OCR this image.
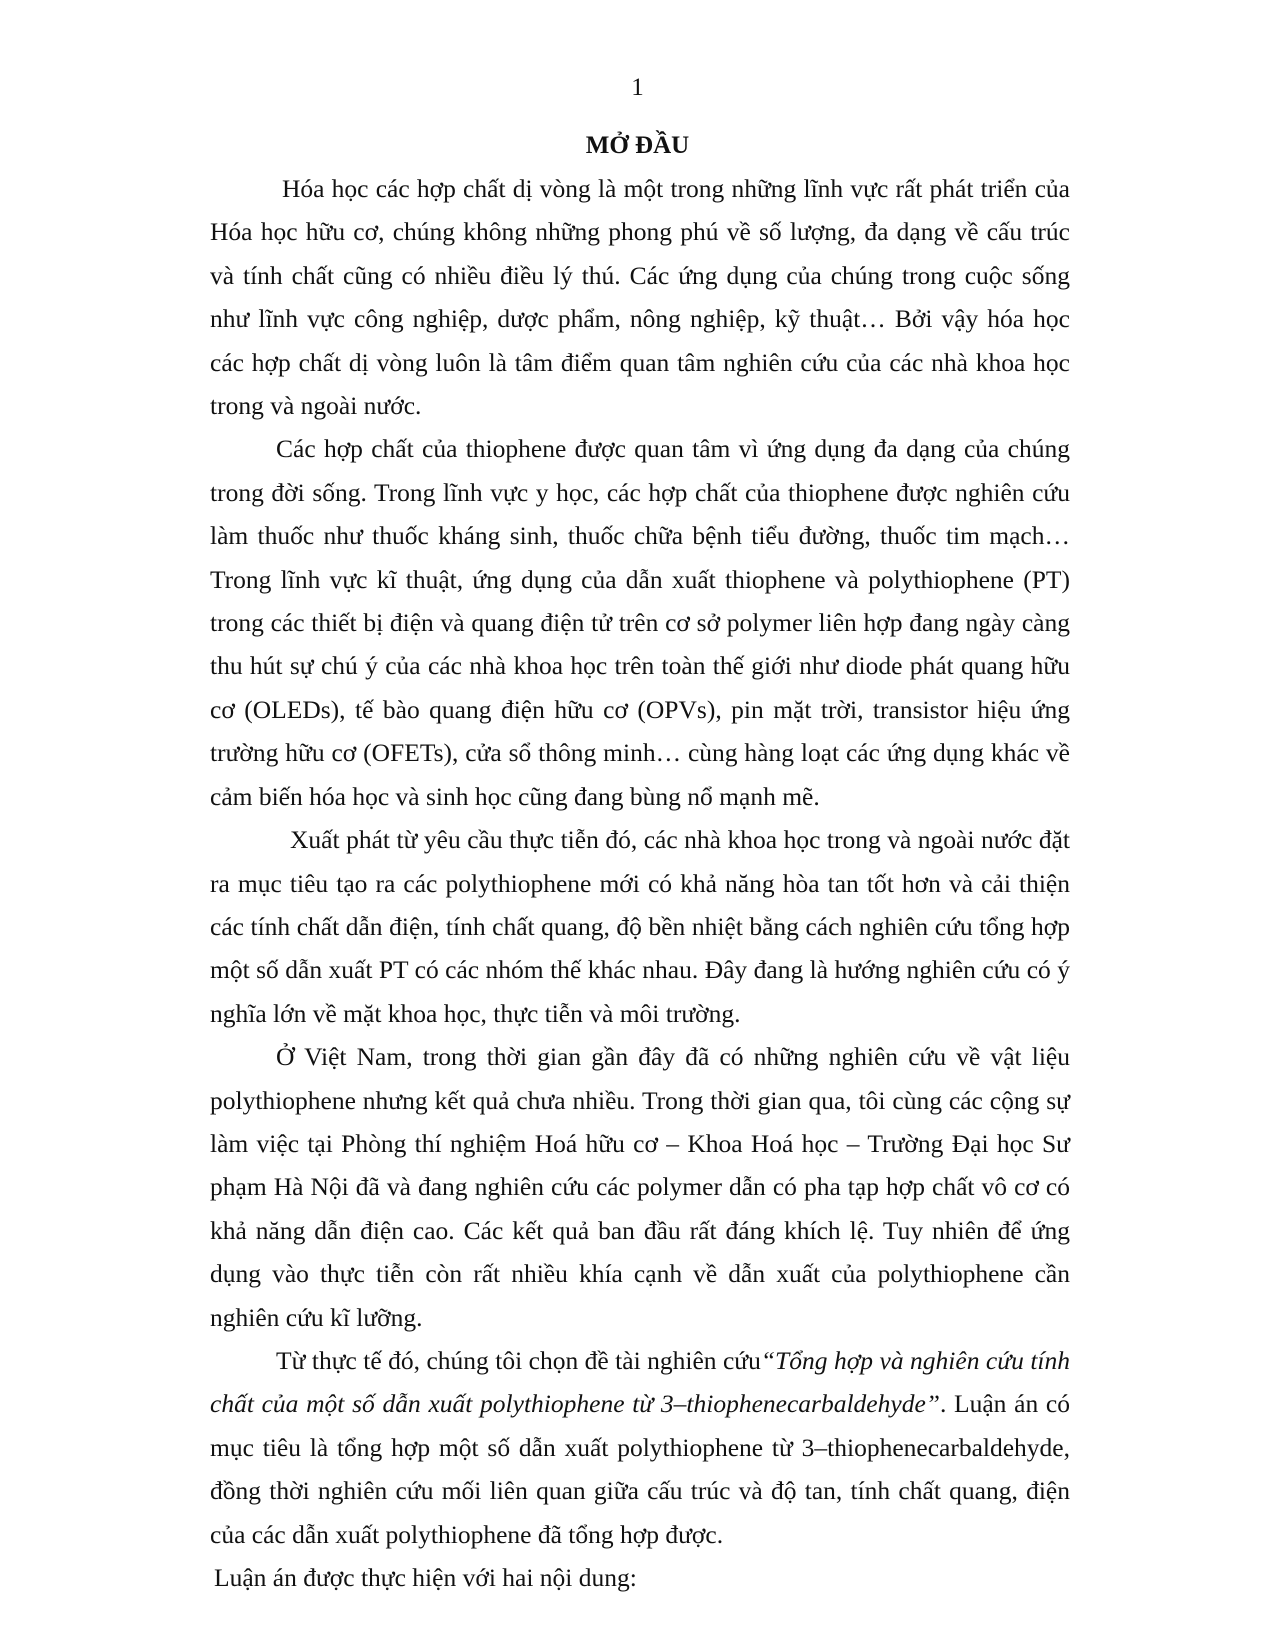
1
MỞ ĐẦU

Hóa học các hợp chất dị vòng là một trong những lĩnh vực rất phát triển của Hóa học hữu cơ, chúng không những phong phú về số lượng, đa dạng về cấu trúc và tính chất cũng có nhiều điều lý thú. Các ứng dụng của chúng trong cuộc sống như lĩnh vực công nghiệp, dược phẩm, nông nghiệp, kỹ thuật… Bởi vậy hóa học các hợp chất dị vòng luôn là tâm điểm quan tâm nghiên cứu của các nhà khoa học trong và ngoài nước.

Các hợp chất của thiophene được quan tâm vì ứng dụng đa dạng của chúng trong đời sống. Trong lĩnh vực y học, các hợp chất của thiophene được nghiên cứu làm thuốc như thuốc kháng sinh, thuốc chữa bệnh tiểu đường, thuốc tim mạch… Trong lĩnh vực kĩ thuật, ứng dụng của dẫn xuất thiophene và polythiophene (PT) trong các thiết bị điện và quang điện tử trên cơ sở polymer liên hợp đang ngày càng thu hút sự chú ý của các nhà khoa học trên toàn thế giới như diode phát quang hữu cơ (OLEDs), tế bào quang điện hữu cơ (OPVs), pin mặt trời, transistor hiệu ứng trường hữu cơ (OFETs), cửa sổ thông minh… cùng hàng loạt các ứng dụng khác về cảm biến hóa học và sinh học cũng đang bùng nổ mạnh mẽ.

Xuất phát từ yêu cầu thực tiễn đó, các nhà khoa học trong và ngoài nước đặt ra mục tiêu tạo ra các polythiophene mới có khả năng hòa tan tốt hơn và cải thiện các tính chất dẫn điện, tính chất quang, độ bền nhiệt bằng cách nghiên cứu tổng hợp một số dẫn xuất PT có các nhóm thế khác nhau. Đây đang là hướng nghiên cứu có ý nghĩa lớn về mặt khoa học, thực tiễn và môi trường.

Ở Việt Nam, trong thời gian gần đây đã có những nghiên cứu về vật liệu polythiophene nhưng kết quả chưa nhiều. Trong thời gian qua, tôi cùng các cộng sự làm việc tại Phòng thí nghiệm Hoá hữu cơ – Khoa Hoá học – Trường Đại học Sư phạm Hà Nội đã và đang nghiên cứu các polymer dẫn có pha tạp hợp chất vô cơ có khả năng dẫn điện cao. Các kết quả ban đầu rất đáng khích lệ. Tuy nhiên để ứng dụng vào thực tiễn còn rất nhiều khía cạnh về dẫn xuất của polythiophene cần nghiên cứu kĩ lưỡng.

Từ thực tế đó, chúng tôi chọn đề tài nghiên cứu“Tổng hợp và nghiên cứu tính chất của một số dẫn xuất polythiophene từ 3–thiophenecarbaldehyde”. Luận án có mục tiêu là tổng hợp một số dẫn xuất polythiophene từ 3–thiophenecarbaldehyde, đồng thời nghiên cứu mối liên quan giữa cấu trúc và độ tan, tính chất quang, điện của các dẫn xuất polythiophene đã tổng hợp được.

Luận án được thực hiện với hai nội dung:
